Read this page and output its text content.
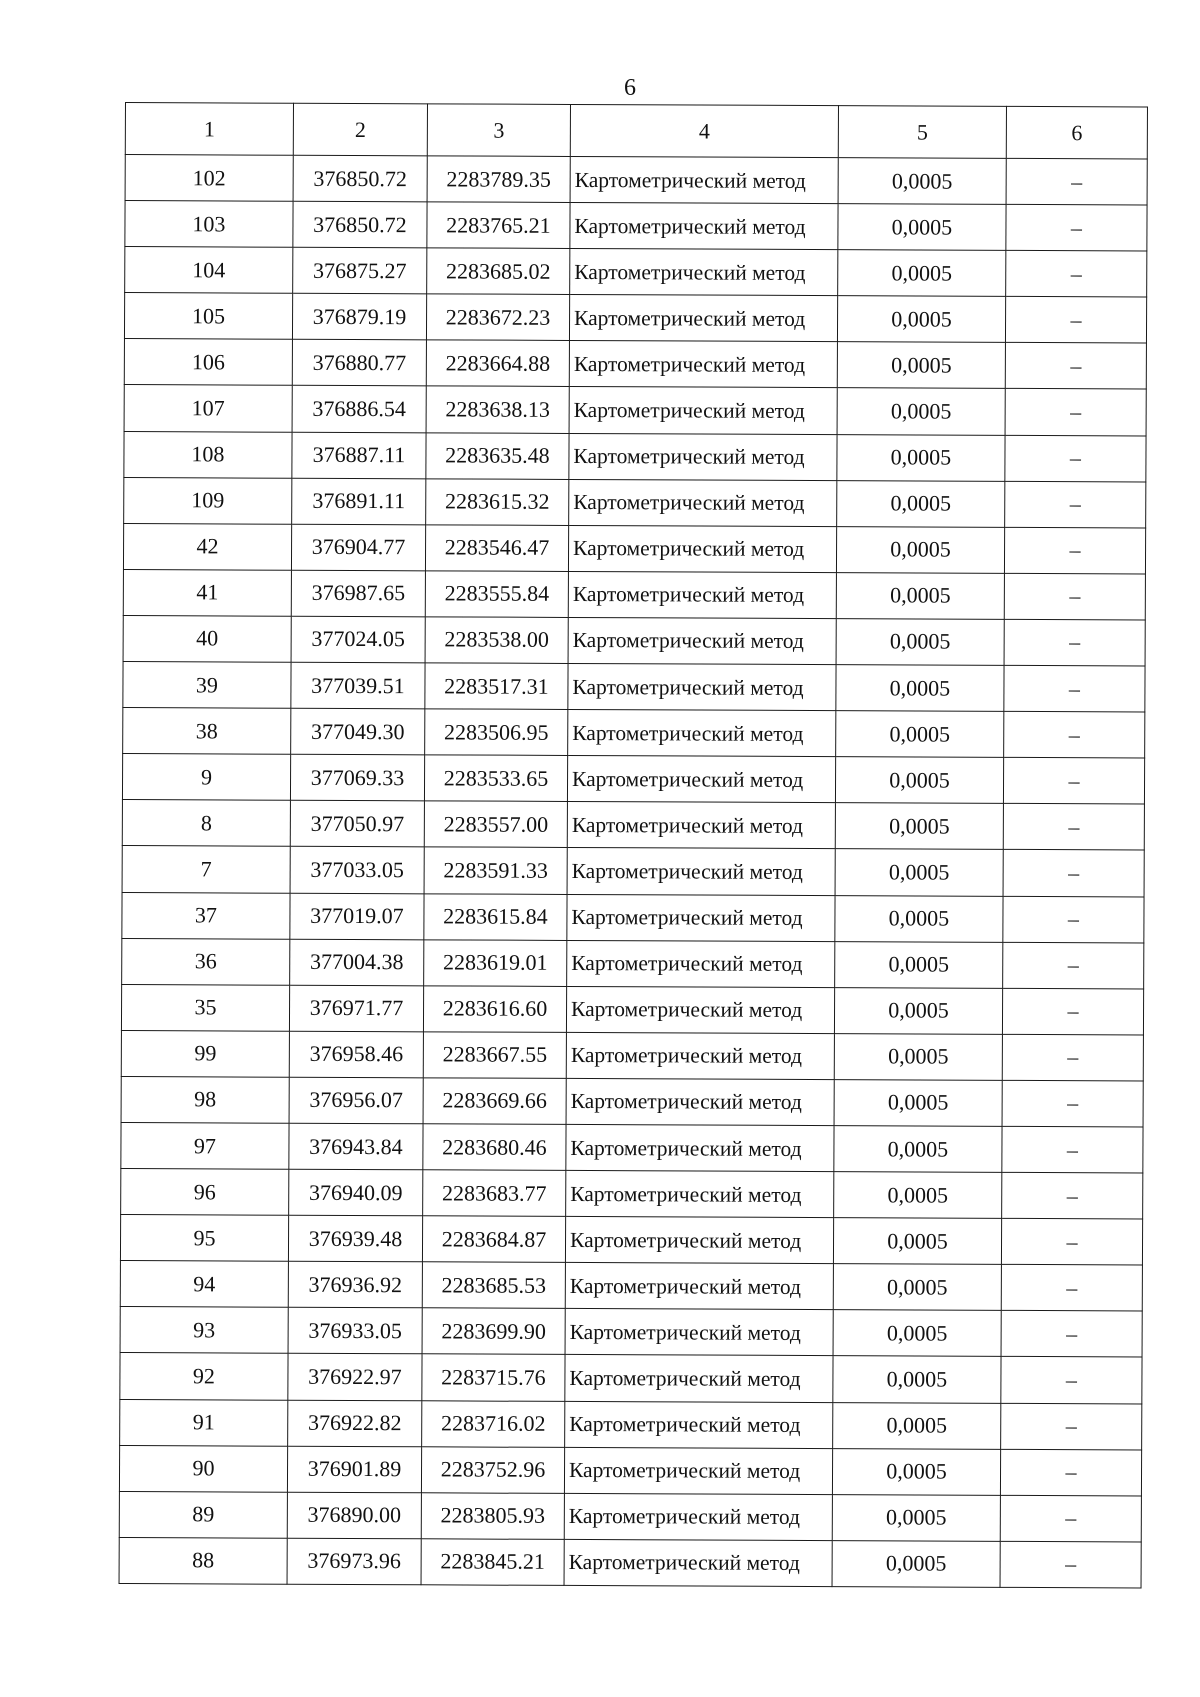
6
1	2	3	4	5	6
102	376850.72	2283789.35	Картометрический метод	0,0005	–
103	376850.72	2283765.21	Картометрический метод	0,0005	–
104	376875.27	2283685.02	Картометрический метод	0,0005	–
105	376879.19	2283672.23	Картометрический метод	0,0005	–
106	376880.77	2283664.88	Картометрический метод	0,0005	–
107	376886.54	2283638.13	Картометрический метод	0,0005	–
108	376887.11	2283635.48	Картометрический метод	0,0005	–
109	376891.11	2283615.32	Картометрический метод	0,0005	–
42	376904.77	2283546.47	Картометрический метод	0,0005	–
41	376987.65	2283555.84	Картометрический метод	0,0005	–
40	377024.05	2283538.00	Картометрический метод	0,0005	–
39	377039.51	2283517.31	Картометрический метод	0,0005	–
38	377049.30	2283506.95	Картометрический метод	0,0005	–
9	377069.33	2283533.65	Картометрический метод	0,0005	–
8	377050.97	2283557.00	Картометрический метод	0,0005	–
7	377033.05	2283591.33	Картометрический метод	0,0005	–
37	377019.07	2283615.84	Картометрический метод	0,0005	–
36	377004.38	2283619.01	Картометрический метод	0,0005	–
35	376971.77	2283616.60	Картометрический метод	0,0005	–
99	376958.46	2283667.55	Картометрический метод	0,0005	–
98	376956.07	2283669.66	Картометрический метод	0,0005	–
97	376943.84	2283680.46	Картометрический метод	0,0005	–
96	376940.09	2283683.77	Картометрический метод	0,0005	–
95	376939.48	2283684.87	Картометрический метод	0,0005	–
94	376936.92	2283685.53	Картометрический метод	0,0005	–
93	376933.05	2283699.90	Картометрический метод	0,0005	–
92	376922.97	2283715.76	Картометрический метод	0,0005	–
91	376922.82	2283716.02	Картометрический метод	0,0005	–
90	376901.89	2283752.96	Картометрический метод	0,0005	–
89	376890.00	2283805.93	Картометрический метод	0,0005	–
88	376973.96	2283845.21	Картометрический метод	0,0005	–
